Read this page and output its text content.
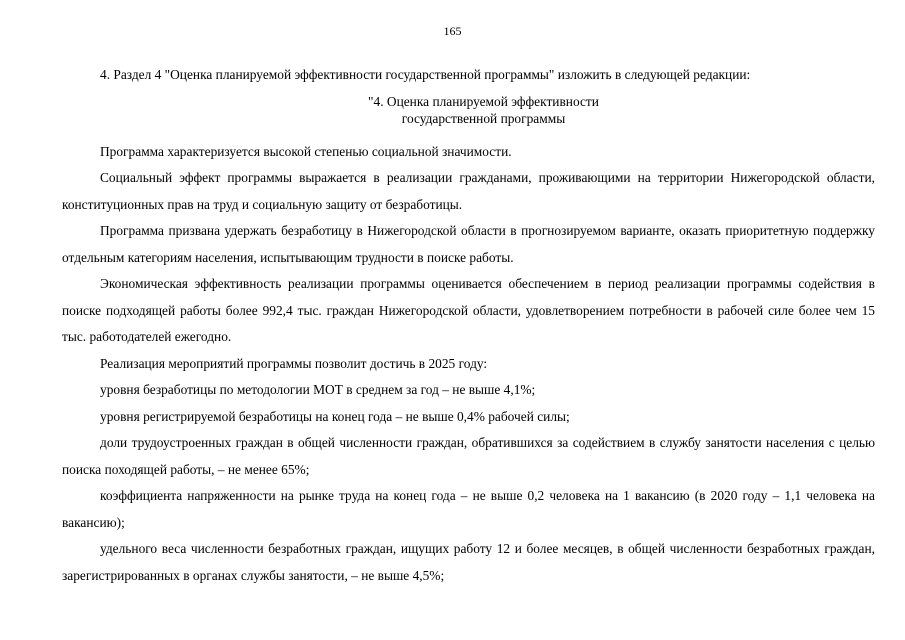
165

4. Раздел 4 "Оценка планируемой эффективности государственной программы" изложить в следующей редакции:

"4. Оценка планируемой эффективности
государственной программы

Программа характеризуется высокой степенью социальной значимости.

Социальный эффект программы выражается в реализации гражданами, проживающими на территории Нижегородской области, конституционных прав на труд и социальную защиту от безработицы.

Программа призвана удержать безработицу в Нижегородской области в прогнозируемом варианте, оказать приоритетную поддержку отдельным категориям населения, испытывающим трудности в поиске работы.

Экономическая эффективность реализации программы оценивается обеспечением в период реализации программы содействия в поиске подходящей работы более 992,4 тыс. граждан Нижегородской области, удовлетворением потребности в рабочей силе более чем 15 тыс. работодателей ежегодно.

Реализация мероприятий программы позволит достичь в 2025 году:

уровня безработицы по методологии МОТ в среднем за год – не выше 4,1%;

уровня регистрируемой безработицы на конец года – не выше 0,4% рабочей силы;

доли трудоустроенных граждан в общей численности граждан, обратившихся за содействием в службу занятости населения с целью поиска походящей работы, – не менее 65%;

коэффициента напряженности на рынке труда на конец года – не выше 0,2 человека на 1 вакансию (в 2020 году – 1,1 человека на вакансию);

удельного веса численности безработных граждан, ищущих работу 12 и более месяцев, в общей численности безработных граждан, зарегистрированных в органах службы занятости, – не выше 4,5%;
